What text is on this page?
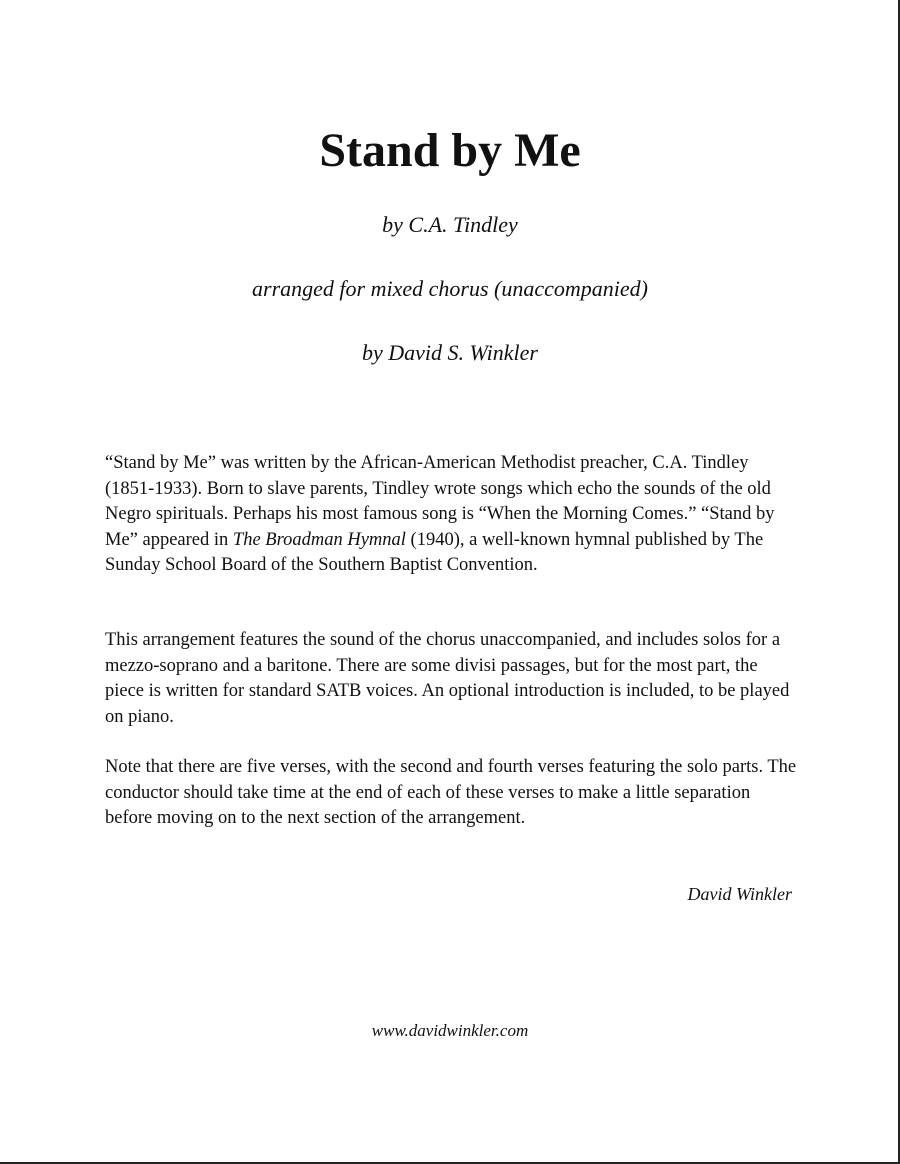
Stand by Me

by C.A. Tindley

arranged for mixed chorus (unaccompanied)

by David S. Winkler

“Stand by Me” was written by the African-American Methodist preacher, C.A. Tindley (1851-1933). Born to slave parents, Tindley wrote songs which echo the sounds of the old Negro spirituals. Perhaps his most famous song is “When the Morning Comes.” “Stand by Me” appeared in The Broadman Hymnal (1940), a well-known hymnal published by The Sunday School Board of the Southern Baptist Convention.

This arrangement features the sound of the chorus unaccompanied, and includes solos for a mezzo-soprano and a baritone. There are some divisi passages, but for the most part, the piece is written for standard SATB voices. An optional introduction is included, to be played on piano.

Note that there are five verses, with the second and fourth verses featuring the solo parts. The conductor should take time at the end of each of these verses to make a little separation before moving on to the next section of the arrangement.

David Winkler

www.davidwinkler.com
